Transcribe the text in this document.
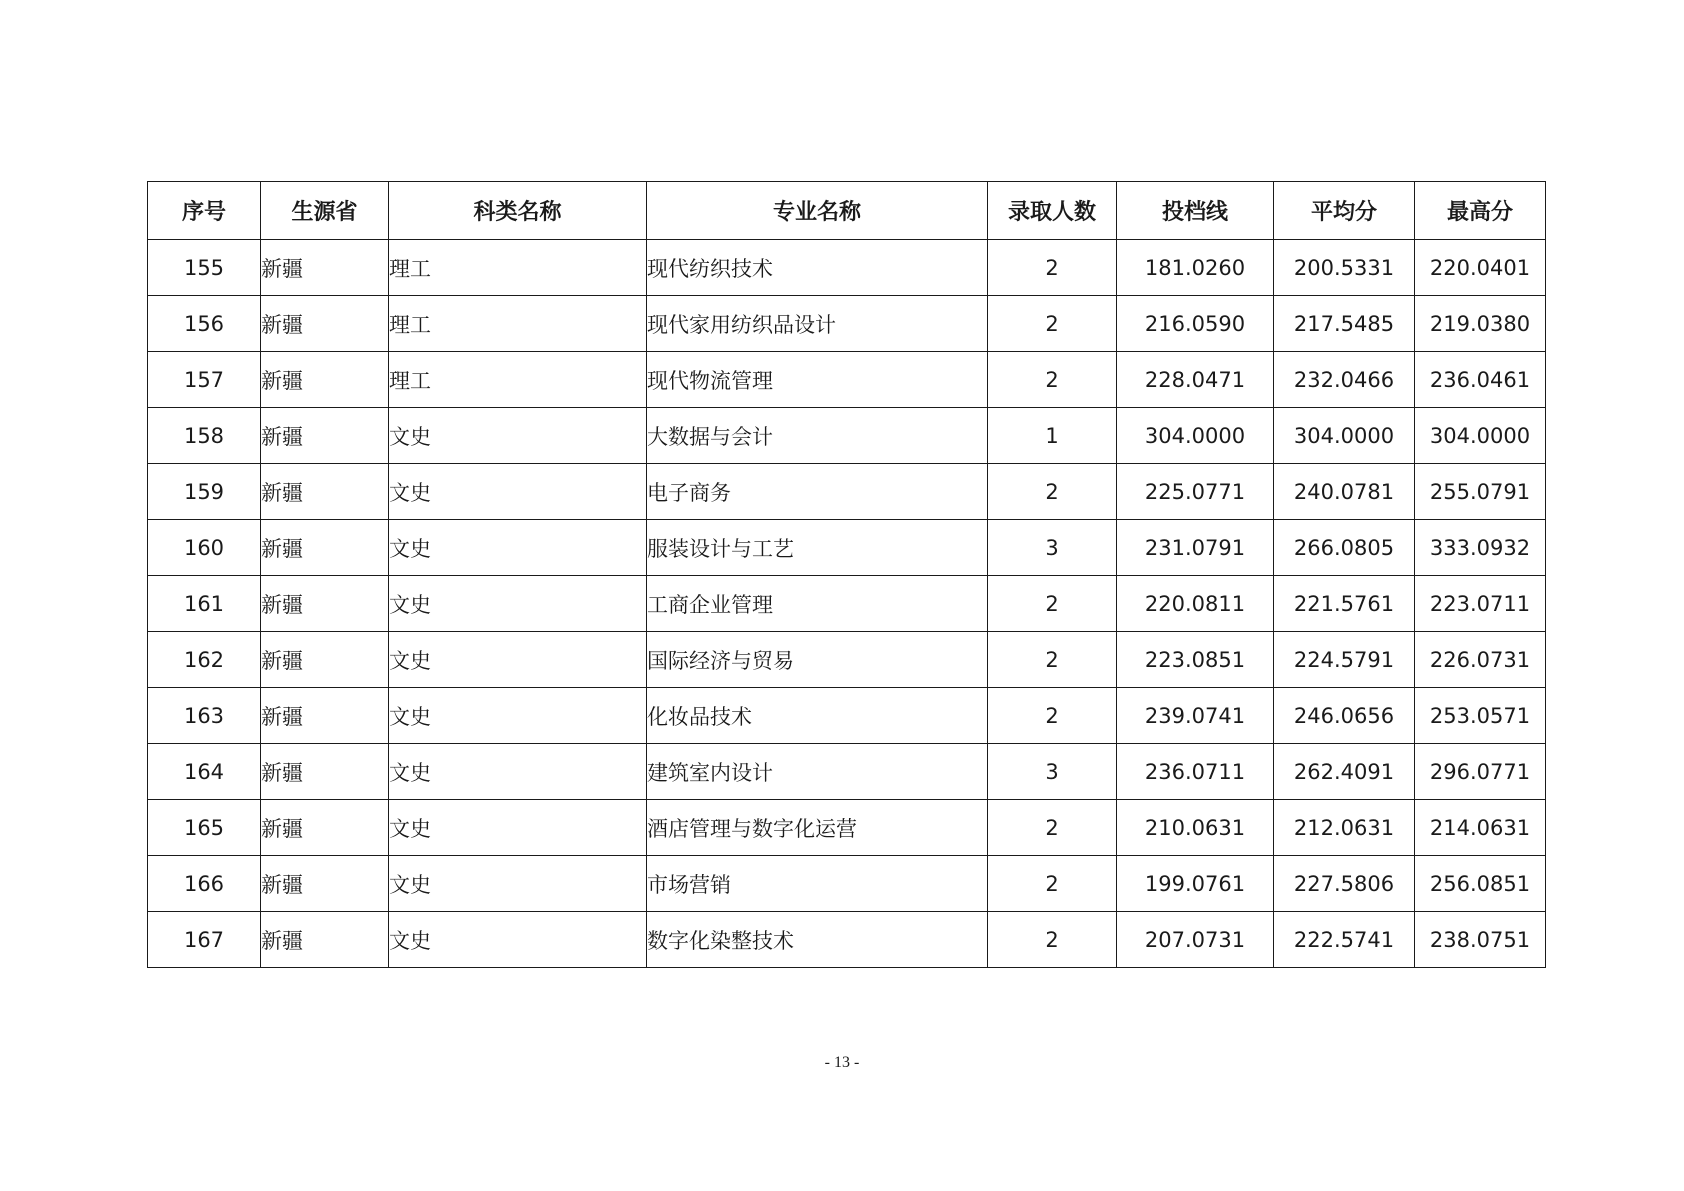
序号	生源省	科类名称	专业名称	录取人数	投档线	平均分	最高分
155	新疆	理工	现代纺织技术	2	181.0260	200.5331	220.0401
156	新疆	理工	现代家用纺织品设计	2	216.0590	217.5485	219.0380
157	新疆	理工	现代物流管理	2	228.0471	232.0466	236.0461
158	新疆	文史	大数据与会计	1	304.0000	304.0000	304.0000
159	新疆	文史	电子商务	2	225.0771	240.0781	255.0791
160	新疆	文史	服装设计与工艺	3	231.0791	266.0805	333.0932
161	新疆	文史	工商企业管理	2	220.0811	221.5761	223.0711
162	新疆	文史	国际经济与贸易	2	223.0851	224.5791	226.0731
163	新疆	文史	化妆品技术	2	239.0741	246.0656	253.0571
164	新疆	文史	建筑室内设计	3	236.0711	262.4091	296.0771
165	新疆	文史	酒店管理与数字化运营	2	210.0631	212.0631	214.0631
166	新疆	文史	市场营销	2	199.0761	227.5806	256.0851
167	新疆	文史	数字化染整技术	2	207.0731	222.5741	238.0751
- 13 -
